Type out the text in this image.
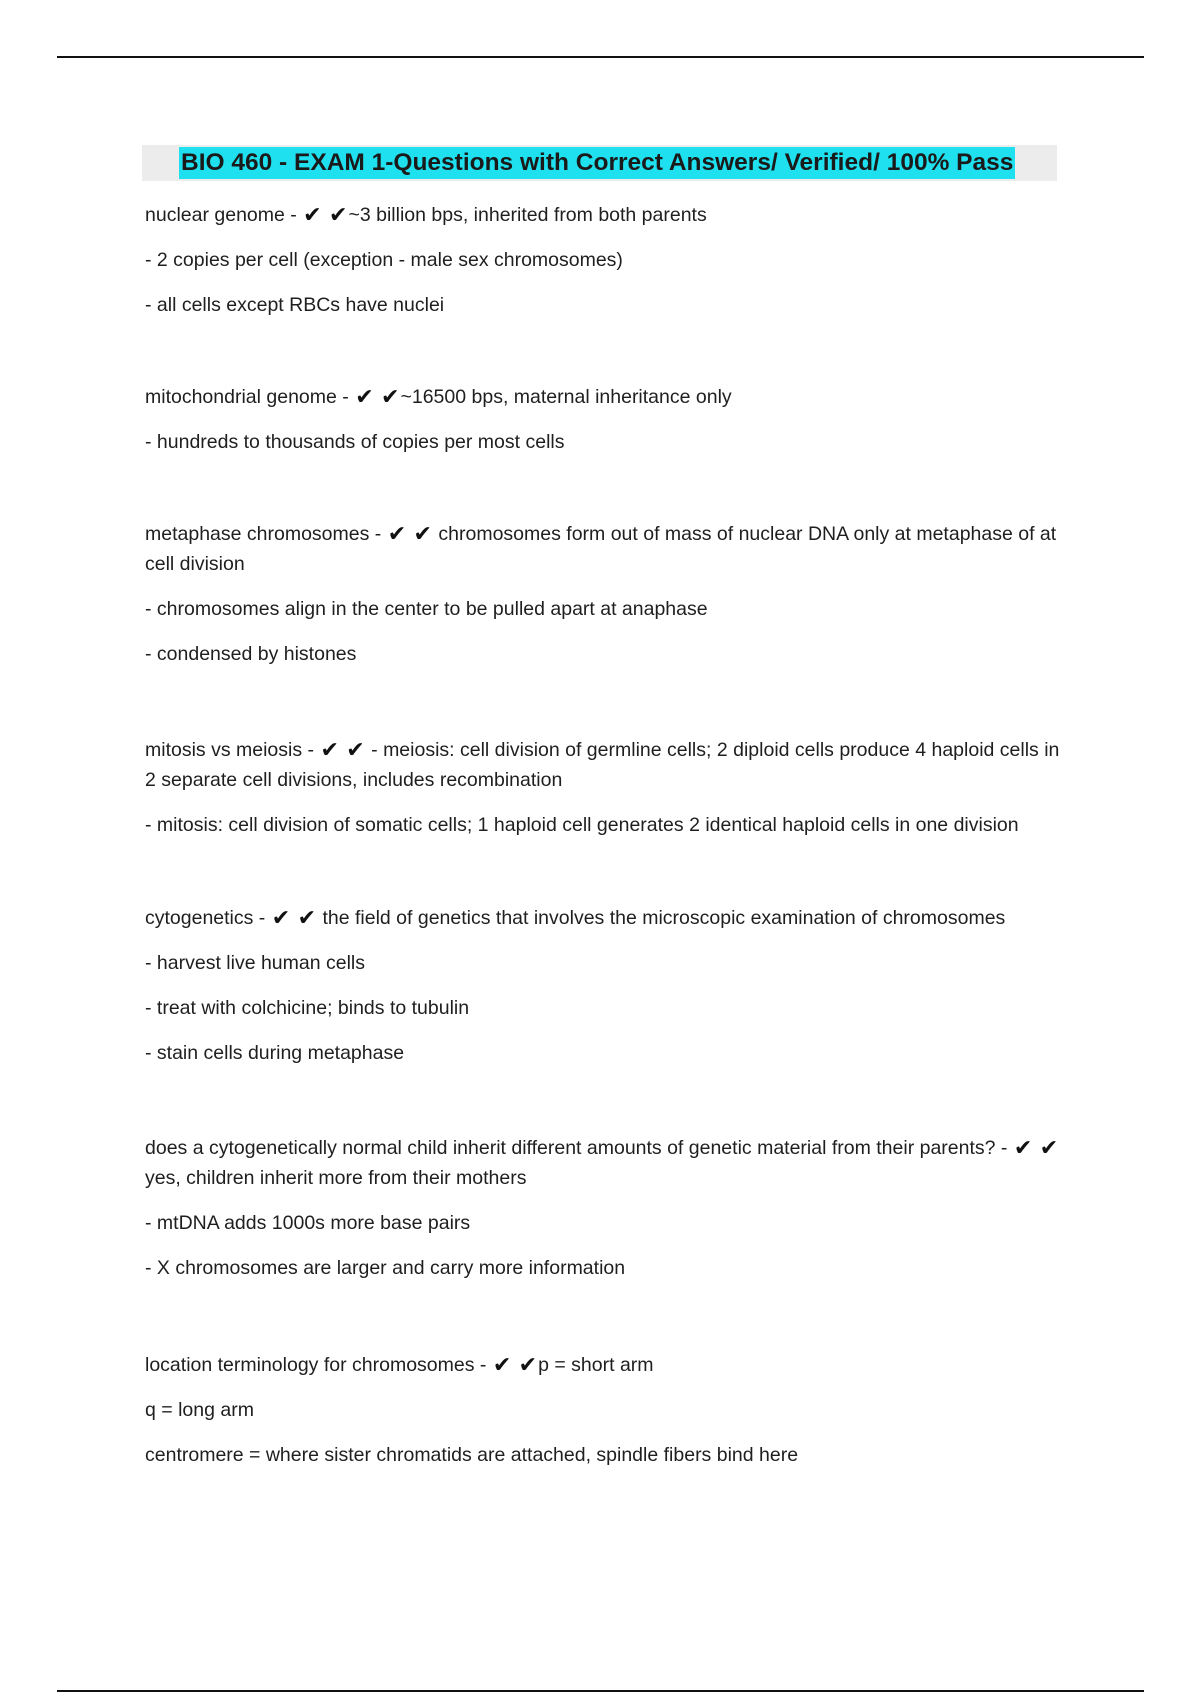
BIO 460 - EXAM 1-Questions with Correct Answers/ Verified/ 100% Pass

nuclear genome - ✔ ✔~3 billion bps, inherited from both parents

- 2 copies per cell (exception - male sex chromosomes)

- all cells except RBCs have nuclei

mitochondrial genome - ✔ ✔~16500 bps, maternal inheritance only

- hundreds to thousands of copies per most cells

metaphase chromosomes - ✔ ✔ chromosomes form out of mass of nuclear DNA only at metaphase of at cell division

- chromosomes align in the center to be pulled apart at anaphase

- condensed by histones

mitosis vs meiosis - ✔ ✔ - meiosis: cell division of germline cells; 2 diploid cells produce 4 haploid cells in 2 separate cell divisions, includes recombination

- mitosis: cell division of somatic cells; 1 haploid cell generates 2 identical haploid cells in one division

cytogenetics - ✔ ✔ the field of genetics that involves the microscopic examination of chromosomes

- harvest live human cells

- treat with colchicine; binds to tubulin

- stain cells during metaphase

does a cytogenetically normal child inherit different amounts of genetic material from their parents? - ✔ ✔yes, children inherit more from their mothers

- mtDNA adds 1000s more base pairs

- X chromosomes are larger and carry more information

location terminology for chromosomes - ✔ ✔p = short arm

q = long arm

centromere = where sister chromatids are attached, spindle fibers bind here
